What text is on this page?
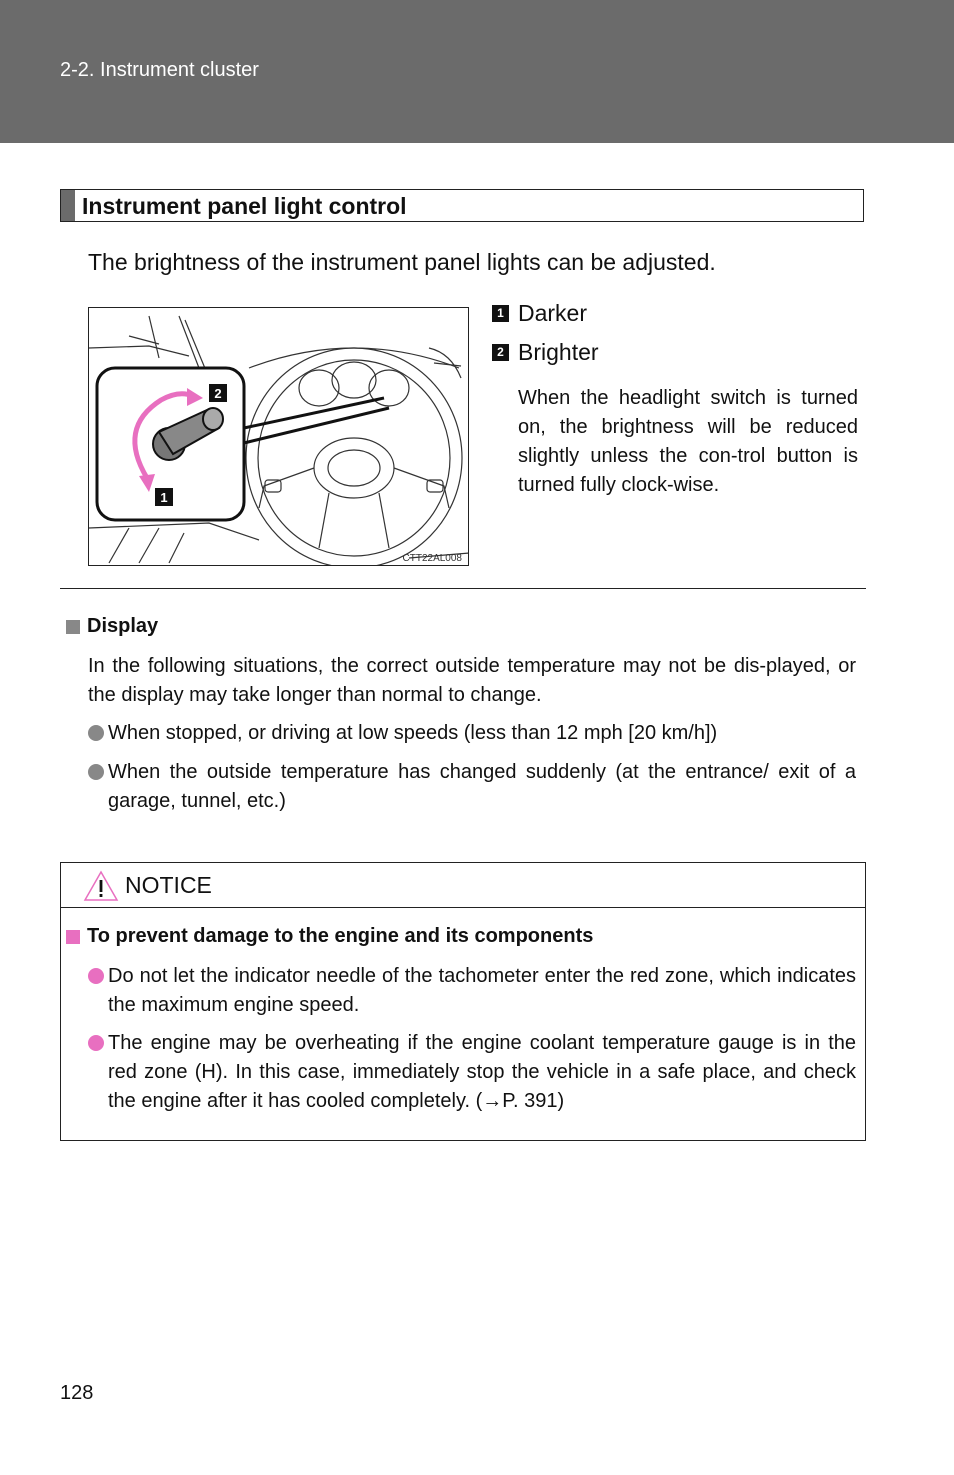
2-2. Instrument cluster
Instrument panel light control
The brightness of the instrument panel lights can be adjusted.
2
1
CTT22AL008
1 Darker
2 Brighter
When the headlight switch is turned on, the brightness will be reduced slightly unless the con-trol button is turned fully clock-wise.
Display
In the following situations, the correct outside temperature may not be dis-played, or the display may take longer than normal to change.
When stopped, or driving at low speeds (less than 12 mph [20 km/h])
When the outside temperature has changed suddenly (at the entrance/ exit of a garage, tunnel, etc.)
NOTICE
To prevent damage to the engine and its components
Do not let the indicator needle of the tachometer enter the red zone, which indicates the maximum engine speed.
The engine may be overheating if the engine coolant temperature gauge is in the red zone (H). In this case, immediately stop the vehicle in a safe place, and check the engine after it has cooled completely. (→P. 391)
128
